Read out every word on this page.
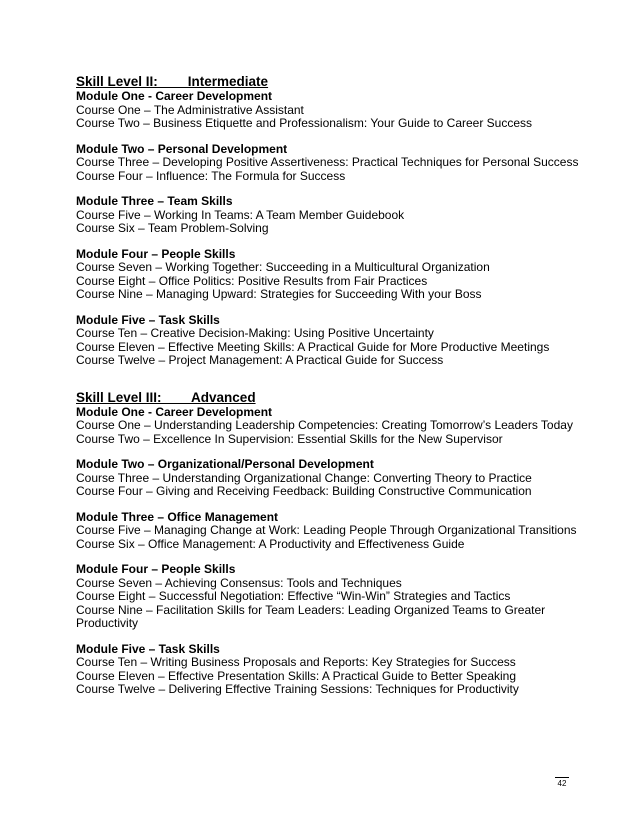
Skill Level II:        Intermediate
Module One - Career Development
Course One – The Administrative Assistant
Course Two – Business Etiquette and Professionalism: Your Guide to Career Success
Module Two – Personal Development
Course Three – Developing Positive Assertiveness: Practical Techniques for Personal Success
Course Four – Influence: The Formula for Success
Module Three – Team Skills
Course Five – Working In Teams: A Team Member Guidebook
Course Six – Team Problem-Solving
Module Four – People Skills
Course Seven – Working Together: Succeeding in a Multicultural Organization
Course Eight – Office Politics: Positive Results from Fair Practices
Course Nine – Managing Upward: Strategies for Succeeding With your Boss
Module Five – Task Skills
Course Ten – Creative Decision-Making: Using Positive Uncertainty
Course Eleven – Effective Meeting Skills: A Practical Guide for More Productive Meetings
Course Twelve – Project Management: A Practical Guide for Success
Skill Level III:        Advanced
Module One - Career Development
Course One – Understanding Leadership Competencies: Creating Tomorrow’s Leaders Today
Course Two – Excellence In Supervision: Essential Skills for the New Supervisor
Module Two – Organizational/Personal Development
Course Three – Understanding Organizational Change: Converting Theory to Practice
Course Four – Giving and Receiving Feedback: Building Constructive Communication
Module Three – Office Management
Course Five – Managing Change at Work: Leading People Through Organizational Transitions
Course Six – Office Management: A Productivity and Effectiveness Guide
Module Four – People Skills
Course Seven – Achieving Consensus: Tools and Techniques
Course Eight – Successful Negotiation: Effective “Win-Win” Strategies and Tactics
Course Nine – Facilitation Skills for Team Leaders: Leading Organized Teams to Greater Productivity
Module Five – Task Skills
Course Ten – Writing Business Proposals and Reports: Key Strategies for Success
Course Eleven – Effective Presentation Skills: A Practical Guide to Better Speaking
Course Twelve – Delivering Effective Training Sessions: Techniques for Productivity
42
